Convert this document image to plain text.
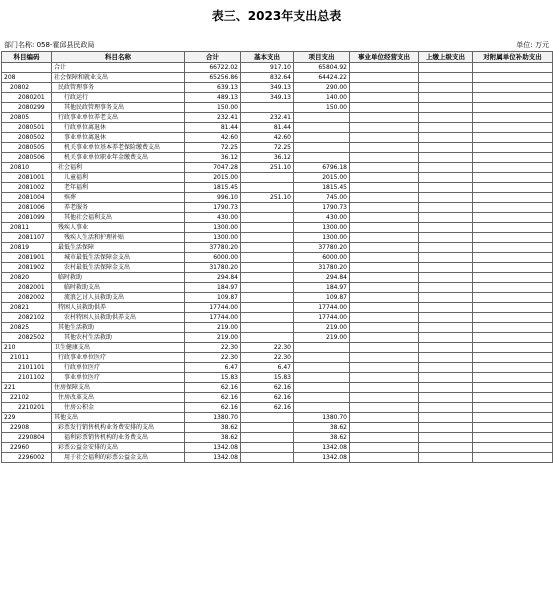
表三、2023年支出总表
部门名称: 058-霍邱县民政局	单位: 万元
科目编码	科目名称	合计	基本支出	项目支出	事业单位经营支出	上缴上级支出	对附属单位补助支出
	合计	66722.02	917.10	65804.92			
208	社会保障和就业支出	65256.86	832.64	64424.22			
20802	民政管理事务	639.13	349.13	290.00			
2080201	行政运行	489.13	349.13	140.00			
2080299	其他民政管理事务支出	150.00		150.00			
20805	行政事业单位养老支出	232.41	232.41				
2080501	行政单位离退休	81.44	81.44				
2080502	事业单位离退休	42.60	42.60				
2080505	机关事业单位基本养老保险缴费支出	72.25	72.25				
2080506	机关事业单位职业年金缴费支出	36.12	36.12				
20810	社会福利	7047.28	251.10	6796.18			
2081001	儿童福利	2015.00		2015.00			
2081002	老年福利	1815.45		1815.45			
2081004	殡葬	996.10	251.10	745.00			
2081006	养老服务	1790.73		1790.73			
2081099	其他社会福利支出	430.00		430.00			
20811	残疾人事业	1300.00		1300.00			
2081107	残疾人生活和护理补贴	1300.00		1300.00			
20819	最低生活保障	37780.20		37780.20			
2081901	城市最低生活保障金支出	6000.00		6000.00			
2081902	农村最低生活保障金支出	31780.20		31780.20			
20820	临时救助	294.84		294.84			
2082001	临时救助支出	184.97		184.97			
2082002	流浪乞讨人员救助支出	109.87		109.87			
20821	特困人员救助供养	17744.00		17744.00			
2082102	农村特困人员救助供养支出	17744.00		17744.00			
20825	其他生活救助	219.00		219.00			
2082502	其他农村生活救助	219.00		219.00			
210	卫生健康支出	22.30	22.30				
21011	行政事业单位医疗	22.30	22.30				
2101101	行政单位医疗	6.47	6.47				
2101102	事业单位医疗	15.83	15.83				
221	住房保障支出	62.16	62.16				
22102	住房改革支出	62.16	62.16				
2210201	住房公积金	62.16	62.16				
229	其他支出	1380.70		1380.70			
22908	彩票发行销售机构业务费安排的支出	38.62		38.62			
2290804	福利彩票销售机构的业务费支出	38.62		38.62			
22960	彩票公益金安排的支出	1342.08		1342.08			
2296002	用于社会福利的彩票公益金支出	1342.08		1342.08			
